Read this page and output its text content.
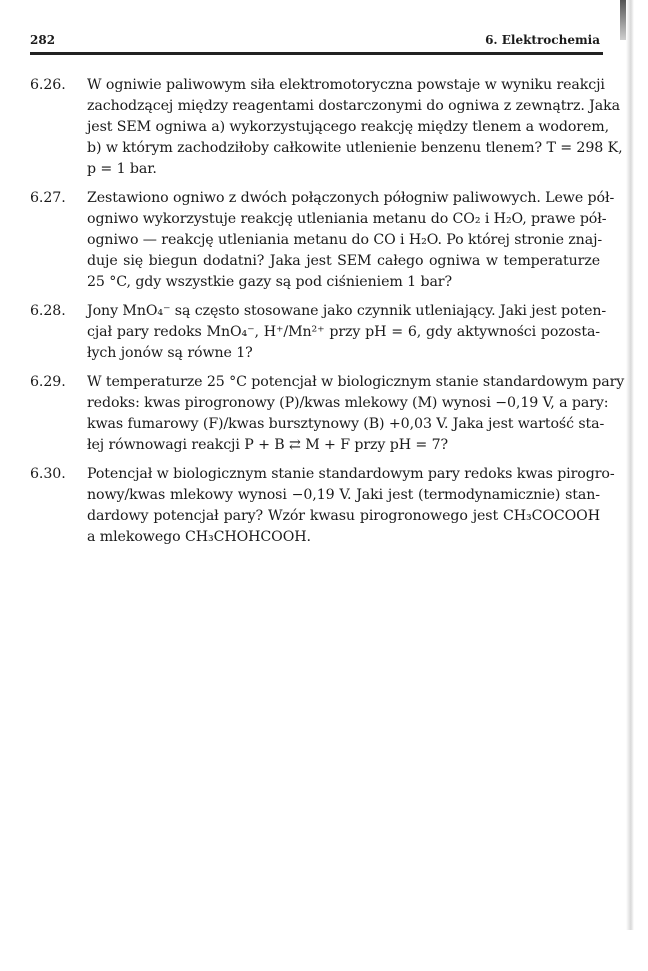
282	6. Elektrochemia
6.26. W ogniwie paliwowym siła elektromotoryczna powstaje w wyniku reakcji
zachodzącej między reagentami dostarczonymi do ogniwa z zewnątrz. Jaka
jest SEM ogniwa a) wykorzystującego reakcję między tlenem a wodorem,
b) w którym zachodziłoby całkowite utlenienie benzenu tlenem? T = 298 K,
p = 1 bar.
6.27. Zestawiono ogniwo z dwóch połączonych półogniw paliwowych. Lewe pół-
ogniwo wykorzystuje reakcję utleniania metanu do CO₂ i H₂O, prawe pół-
ogniwo — reakcję utleniania metanu do CO i H₂O. Po której stronie znaj-
duje się biegun dodatni? Jaka jest SEM całego ogniwa w temperaturze
25 °C, gdy wszystkie gazy są pod ciśnieniem 1 bar?
6.28. Jony MnO₄⁻ są często stosowane jako czynnik utleniający. Jaki jest poten-
cjał pary redoks MnO₄⁻, H⁺/Mn²⁺ przy pH = 6, gdy aktywności pozosta-
łych jonów są równe 1?
6.29. W temperaturze 25 °C potencjał w biologicznym stanie standardowym pary
redoks: kwas pirogronowy (P)/kwas mlekowy (M) wynosi −0,19 V, a pary:
kwas fumarowy (F)/kwas bursztynowy (B) +0,03 V. Jaka jest wartość sta-
łej równowagi reakcji P + B ⇄ M + F przy pH = 7?
6.30. Potencjał w biologicznym stanie standardowym pary redoks kwas pirogro-
nowy/kwas mlekowy wynosi −0,19 V. Jaki jest (termodynamicznie) stan-
dardowy potencjał pary? Wzór kwasu pirogronowego jest CH₃COCOOH
a mlekowego CH₃CHOHCOOH.
